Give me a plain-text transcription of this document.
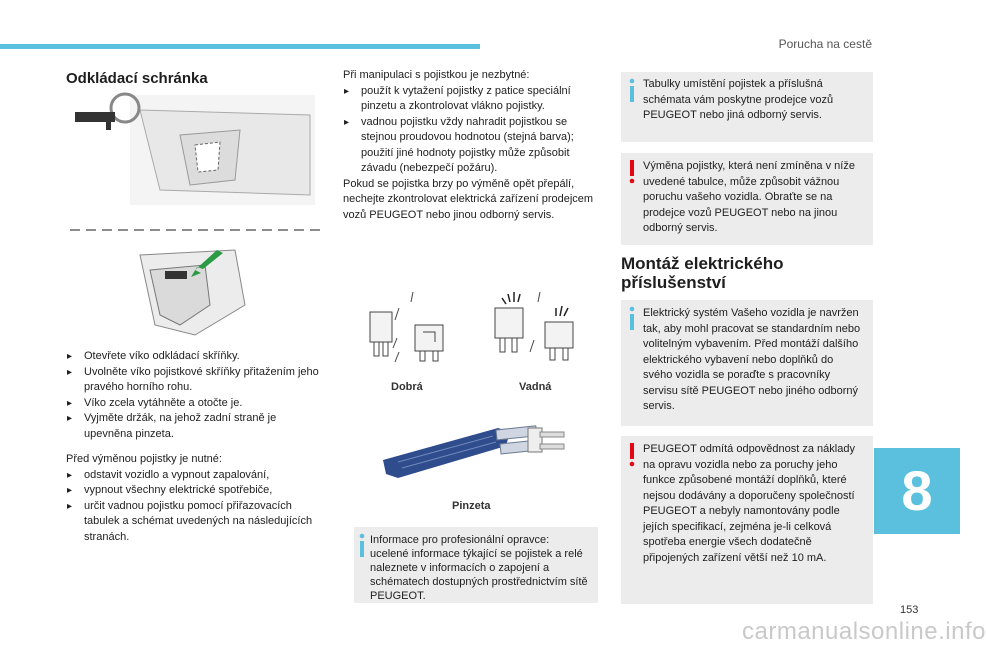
Porucha na cestě
Odkládací schránka
▸ Otevřete víko odkládací skříňky.
▸ Uvolněte víko pojistkové skříňky přitažením jeho pravého horního rohu.
▸ Víko zcela vytáhněte a otočte je.
▸ Vyjměte držák, na jehož zadní straně je upevněna pinzeta.
Před výměnou pojistky je nutné:
▸ odstavit vozidlo a vypnout zapalování,
▸ vypnout všechny elektrické spotřebiče,
▸ určit vadnou pojistku pomocí přiřazovacích tabulek a schémat uvedených na následujících stranách.
Při manipulaci s pojistkou je nezbytné:
▸ použít k vytažení pojistky z patice speciální pinzetu a zkontrolovat vlákno pojistky.
▸ vadnou pojistku vždy nahradit pojistkou se stejnou proudovou hodnotou (stejná barva); použití jiné hodnoty pojistky může způsobit závadu (nebezpečí požáru).
Pokud se pojistka brzy po výměně opět přepálí, nechejte zkontrolovat elektrická zařízení prodejcem vozů PEUGEOT nebo jinou odborný servis.
Dobrá	Vadná
Pinzeta
Informace pro profesionální opravce: ucelené informace týkající se pojistek a relé naleznete v informacích o zapojení a schématech dostupných prostřednictvím sítě PEUGEOT.
Tabulky umístění pojistek a příslušná schémata vám poskytne prodejce vozů PEUGEOT nebo jiná odborný servis.
Výměna pojistky, která není zmíněna v níže uvedené tabulce, může způsobit vážnou poruchu vašeho vozidla. Obraťte se na prodejce vozů PEUGEOT nebo na jinou odborný servis.
Montáž elektrického příslušenství
Elektrický systém Vašeho vozidla je navržen tak, aby mohl pracovat se standardním nebo volitelným vybavením. Před montáží dalšího elektrického vybavení nebo doplňků do svého vozidla se poraďte s pracovníky servisu sítě PEUGEOT nebo jiného odborný servis.
PEUGEOT odmítá odpovědnost za náklady na opravu vozidla nebo za poruchy jeho funkce způsobené montáží doplňků, které nejsou dodávány a doporučeny společností PEUGEOT a nebyly namontovány podle jejích specifikací, zejména je-li celková spotřeba energie všech dodatečně připojených zařízení větší než 10 mA.
8
153
carmanualsonline.info
